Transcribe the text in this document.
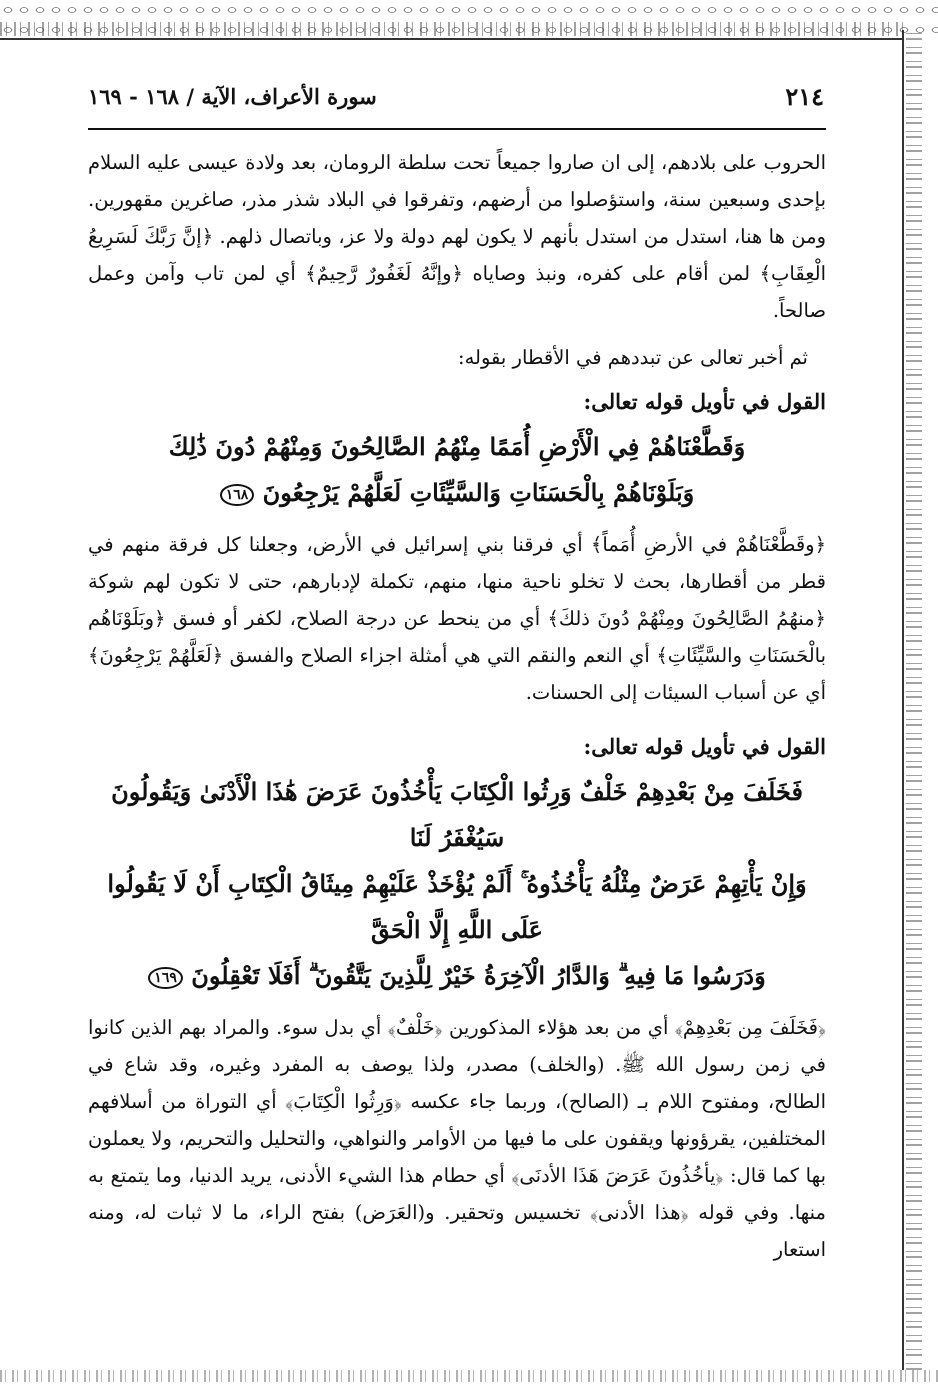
٢١٤
سورة الأعراف، الآية / ١٦٨ - ١٦٩

الحروب على بلادهم، إلى ان صاروا جميعاً تحت سلطة الرومان، بعد ولادة عيسى عليه السلام بإحدى وسبعين سنة، واستؤصلوا من أرضهم، وتفرقوا في البلاد شذر مذر، صاغرين مقهورين. ومن ها هنا، استدل من استدل بأنهم لا يكون لهم دولة ولا عز، وباتصال ذلهم. ﴿إنَّ رَبَّكَ لَسَرِيعُ الْعِقَابِ﴾ لمن أقام على كفره، ونبذ وصاياه ﴿وإنَّهُ لَغَفُورٌ رَّحِيمٌ﴾ أي لمن تاب وآمن وعمل صالحاً.

ثم أخبر تعالى عن تبددهم في الأقطار بقوله:

القول في تأويل قوله تعالى:
وَقَطَّعْنَاهُمْ فِي الْأَرْضِ أُمَمًا مِنْهُمُ الصَّالِحُونَ وَمِنْهُمْ دُونَ ذَٰلِكَ
وَبَلَوْنَاهُمْ بِالْحَسَنَاتِ وَالسَّيِّئَاتِ لَعَلَّهُمْ يَرْجِعُونَ ١٦٨

﴿وقَطَّعْنَاهُمْ في الأرضِ أُمَماً﴾ أي فرقنا بني إسرائيل في الأرض، وجعلنا كل فرقة منهم في قطر من أقطارها، بحث لا تخلو ناحية منها، منهم، تكملة لإدبارهم، حتى لا تكون لهم شوكة ﴿منهُمُ الصَّالِحُونَ ومِنْهُمْ دُونَ ذلكَ﴾ أي من ينحط عن درجة الصلاح، لكفر أو فسق ﴿وبَلَوْنَاهُم بالْحَسَنَاتِ والسَّيِّئَاتِ﴾ أي النعم والنقم التي هي أمثلة اجزاء الصلاح والفسق ﴿لَعَلَّهُمْ يَرْجِعُونَ﴾ أي عن أسباب السيئات إلى الحسنات.

القول في تأويل قوله تعالى:
فَخَلَفَ مِنْ بَعْدِهِمْ خَلْفٌ وَرِثُوا الْكِتَابَ يَأْخُذُونَ عَرَضَ هَٰذَا الْأَدْنَىٰ وَيَقُولُونَ سَيُغْفَرُ لَنَا
وَإِنْ يَأْتِهِمْ عَرَضٌ مِثْلُهُ يَأْخُذُوهُ ۚ أَلَمْ يُؤْخَذْ عَلَيْهِمْ مِيثَاقُ الْكِتَابِ أَنْ لَا يَقُولُوا عَلَى اللَّهِ إِلَّا الْحَقَّ
وَدَرَسُوا مَا فِيهِ ۗ وَالدَّارُ الْآخِرَةُ خَيْرٌ لِلَّذِينَ يَتَّقُونَ ۗ أَفَلَا تَعْقِلُونَ ١٦٩

﴿فَخَلَفَ مِن بَعْدِهِمْ﴾ أي من بعد هؤلاء المذكورين ﴿خَلْفٌ﴾ أي بدل سوء. والمراد بهم الذين كانوا في زمن رسول الله ﷺ. (والخلف) مصدر، ولذا يوصف به المفرد وغيره، وقد شاع في الطالح، ومفتوح اللام بـ (الصالح)، وربما جاء عكسه ﴿وَرِثُوا الْكِتَابَ﴾ أي التوراة من أسلافهم المختلفين، يقرؤونها ويقفون على ما فيها من الأوامر والنواهي، والتحليل والتحريم، ولا يعملون بها كما قال: ﴿يأخُذُونَ عَرَضَ هَذَا الأدنَى﴾ أي حطام هذا الشيء الأدنى، يريد الدنيا، وما يتمتع به منها. وفي قوله ﴿هذا الأدنى﴾ تخسيس وتحقير. و(العَرَض) بفتح الراء، ما لا ثبات له، ومنه استعار
